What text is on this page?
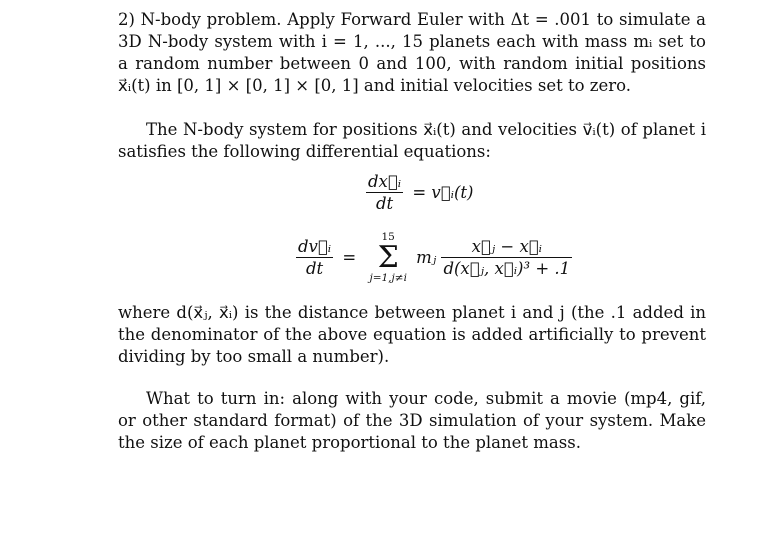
2) N-body problem. Apply Forward Euler with Δt = .001 to simulate a 3D N-body system with i = 1, ..., 15 planets each with mass mᵢ set to a random number between 0 and 100, with random initial positions x⃗ᵢ(t) in [0, 1] × [0, 1] × [0, 1] and initial velocities set to zero.

The N-body system for positions x⃗ᵢ(t) and velocities v⃗ᵢ(t) of planet i satisfies the following differential equations:

$\frac{\text{dx⃗ᵢ}}{dt}$ = v⃗ᵢ(t)
$\frac{\text{dv⃗ᵢ}}{dt}$ =
15
Σ
j=1,j≠i
mⱼ $\frac{\text{x⃗ⱼ − x⃗ᵢ}}{\text{d(x⃗ⱼ, x⃗ᵢ)³ + .1}}$

where d(x⃗ⱼ, x⃗ᵢ) is the distance between planet i and j (the .1 added in the denominator of the above equation is added artificially to prevent dividing by too small a number).

What to turn in: along with your code, submit a movie (mp4, gif, or other standard format) of the 3D simulation of your system. Make the size of each planet proportional to the planet mass.
